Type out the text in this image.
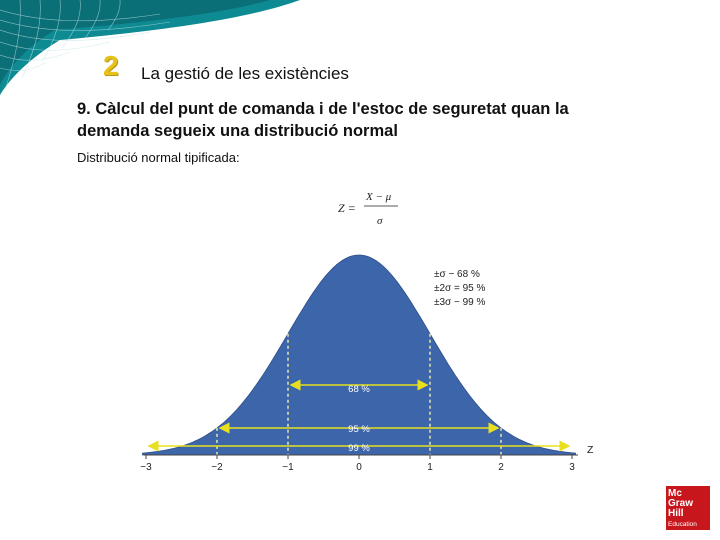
2 La gestió de les existències
9. Càlcul del punt de comanda i de l'estoc de seguretat quan la demanda segueix una distribució normal
Distribució normal tipificada:
Z =
X − μ
σ
68 %
95 %
99 %
±σ − 68 %
±2σ = 95 %
±3σ − 99 %
Z
−3	−2	−1	0	1	2	3
Mc
Graw
Hill
Education
